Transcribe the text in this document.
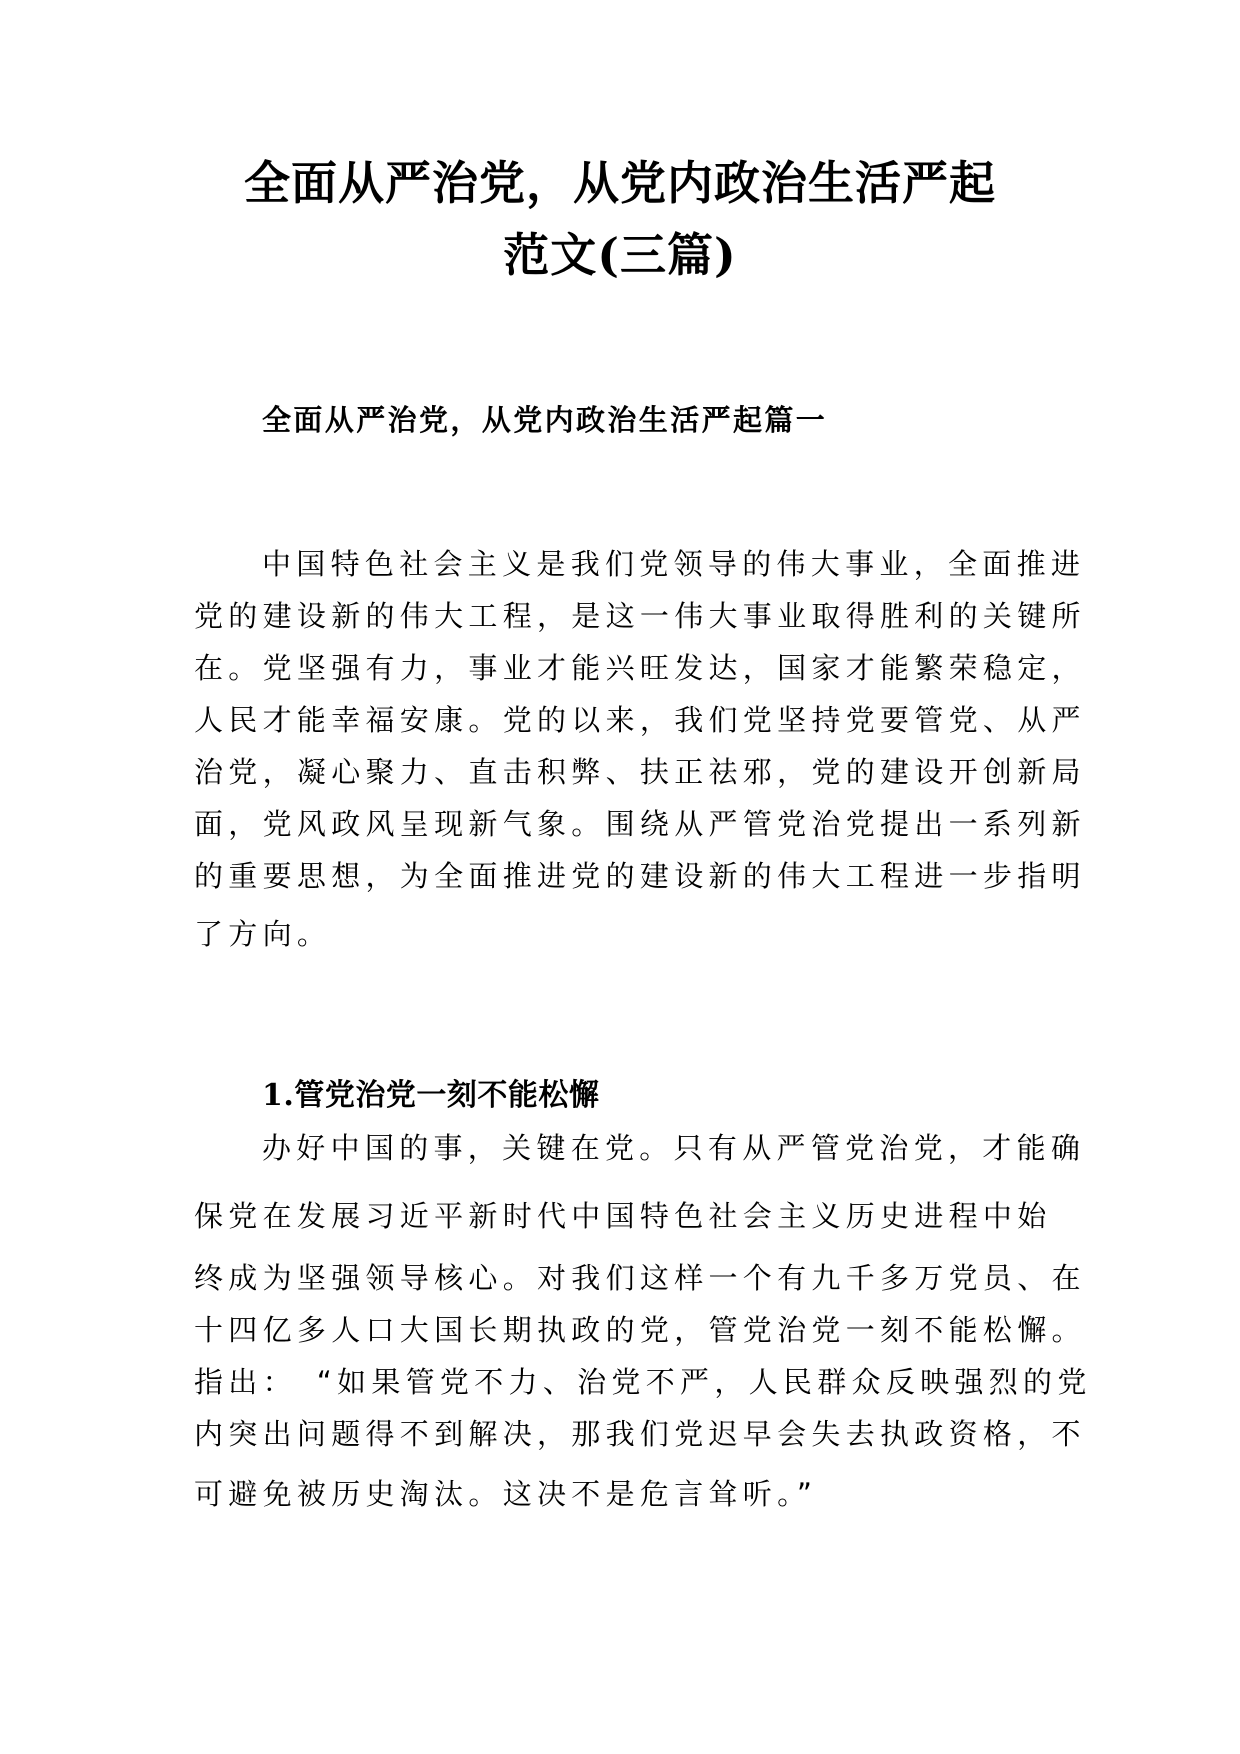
全面从严治党，从党内政治生活严起
范文(三篇)
全面从严治党，从党内政治生活严起篇一

中国特色社会主义是我们党领导的伟大事业，全面推进

党的建设新的伟大工程，是这一伟大事业取得胜利的关键所

在。党坚强有力，事业才能兴旺发达，国家才能繁荣稳定，

人民才能幸福安康。党的以来，我们党坚持党要管党、从严

治党，凝心聚力、直击积弊、扶正祛邪，党的建设开创新局

面，党风政风呈现新气象。围绕从严管党治党提出一系列新

的重要思想，为全面推进党的建设新的伟大工程进一步指明

了方向。

1.管党治党一刻不能松懈

办好中国的事，关键在党。只有从严管党治党，才能确

保党在发展习近平新时代中国特色社会主义历史进程中始

终成为坚强领导核心。对我们这样一个有九千多万党员、在

十四亿多人口大国长期执政的党，管党治党一刻不能松懈。

指出：　“如果管党不力、治党不严，人民群众反映强烈的党

内突出问题得不到解决，那我们党迟早会失去执政资格，不

可避免被历史淘汰。这决不是危言耸听。”
